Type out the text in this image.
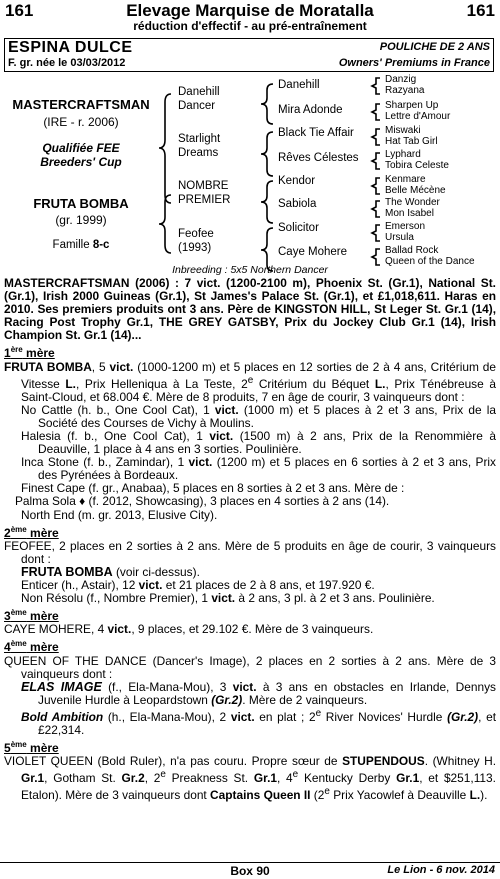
161	Elevage Marquise de Moratalla	161
réduction d'effectif - au pré-entraînement
ESPINA DULCE	POULICHE DE 2 ANS
F. gr. née le 03/03/2012	Owners' Premiums in France
MASTERCRAFTSMAN
(IRE - r. 2006)
Qualifiée FEE
Breeders' Cup
FRUTA BOMBA
(gr. 1999)
Famille 8-c
Danehill
Dancer
Starlight
Dreams
NOMBRE
PREMIER
Feofee
(1993)
Danehill
Mira Adonde
Black Tie Affair
Rêves Célestes
Kendor
Sabiola
Solicitor
Caye Mohere
Danzig
Razyana
Sharpen Up
Lettre d'Amour
Miswaki
Hat Tab Girl
Lyphard
Tobira Celeste
Kenmare
Belle Mécène
The Wonder
Mon Isabel
Emerson
Ursula
Ballad Rock
Queen of the Dance
Inbreeding : 5x5 Northern Dancer

MASTERCRAFTSMAN (2006) : 7 vict. (1200-2100 m), Phoenix St. (Gr.1), National St. (Gr.1), Irish 2000 Guineas (Gr.1), St James's Palace St. (Gr.1), et £1,018,611. Haras en 2010. Ses premiers produits ont 3 ans. Père de KINGSTON HILL, St Leger St. Gr.1 (14), Racing Post Trophy Gr.1, THE GREY GATSBY, Prix du Jockey Club Gr.1 (14), Irish Champion St. Gr.1 (14)...

1ère mère

FRUTA BOMBA, 5 vict. (1000-1200 m) et 5 places en 12 sorties de 2 à 4 ans, Critérium de Vitesse L., Prix Helleniqua à La Teste, 2e Critérium du Béquet L., Prix Ténébreuse à Saint-Cloud, et 68.004 €. Mère de 8 produits, 7 en âge de courir, 3 vainqueurs dont :

No Cattle (h. b., One Cool Cat), 1 vict. (1000 m) et 5 places à 2 et 3 ans, Prix de la Société des Courses de Vichy à Moulins.

Halesia (f. b., One Cool Cat), 1 vict. (1500 m) à 2 ans, Prix de la Renommière à Deauville, 1 place à 4 ans en 3 sorties. Poulinière.

Inca Stone (f. b., Zamindar), 1 vict. (1200 m) et 5 places en 6 sorties à 2 et 3 ans, Prix des Pyrénées à Bordeaux.

Finest Cape (f. gr., Anabaa), 5 places en 8 sorties à 2 et 3 ans. Mère de :

Palma Sola ♦ (f. 2012, Showcasing), 3 places en 4 sorties à 2 ans (14).

North End (m. gr. 2013, Elusive City).

2ème mère

FEOFEE, 2 places en 2 sorties à 2 ans. Mère de 5 produits en âge de courir, 3 vainqueurs dont :

FRUTA BOMBA (voir ci-dessus).

Enticer (h., Astair), 12 vict. et 21 places de 2 à 8 ans, et 197.920 €.

Non Résolu (f., Nombre Premier), 1 vict. à 2 ans, 3 pl. à 2 et 3 ans. Poulinière.

3ème mère

CAYE MOHERE, 4 vict., 9 places, et 29.102 €. Mère de 3 vainqueurs.

4ème mère

QUEEN OF THE DANCE (Dancer's Image), 2 places en 2 sorties à 2 ans. Mère de 3 vainqueurs dont :

ELAS IMAGE (f., Ela-Mana-Mou), 3 vict. à 3 ans en obstacles en Irlande, Dennys Juvenile Hurdle à Leopardstown (Gr.2). Mère de 2 vainqueurs.

Bold Ambition (h., Ela-Mana-Mou), 2 vict. en plat ; 2e River Novices' Hurdle (Gr.2), et £22,314.

5ème mère

VIOLET QUEEN (Bold Ruler), n'a pas couru. Propre sœur de STUPENDOUS. (Whitney H. Gr.1, Gotham St. Gr.2, 2e Preakness St. Gr.1, 4e Kentucky Derby Gr.1, et $251,113. Etalon). Mère de 3 vainqueurs dont Captains Queen II (2e Prix Yacowlef à Deauville L.).

Box 90	Le Lion - 6 nov. 2014
